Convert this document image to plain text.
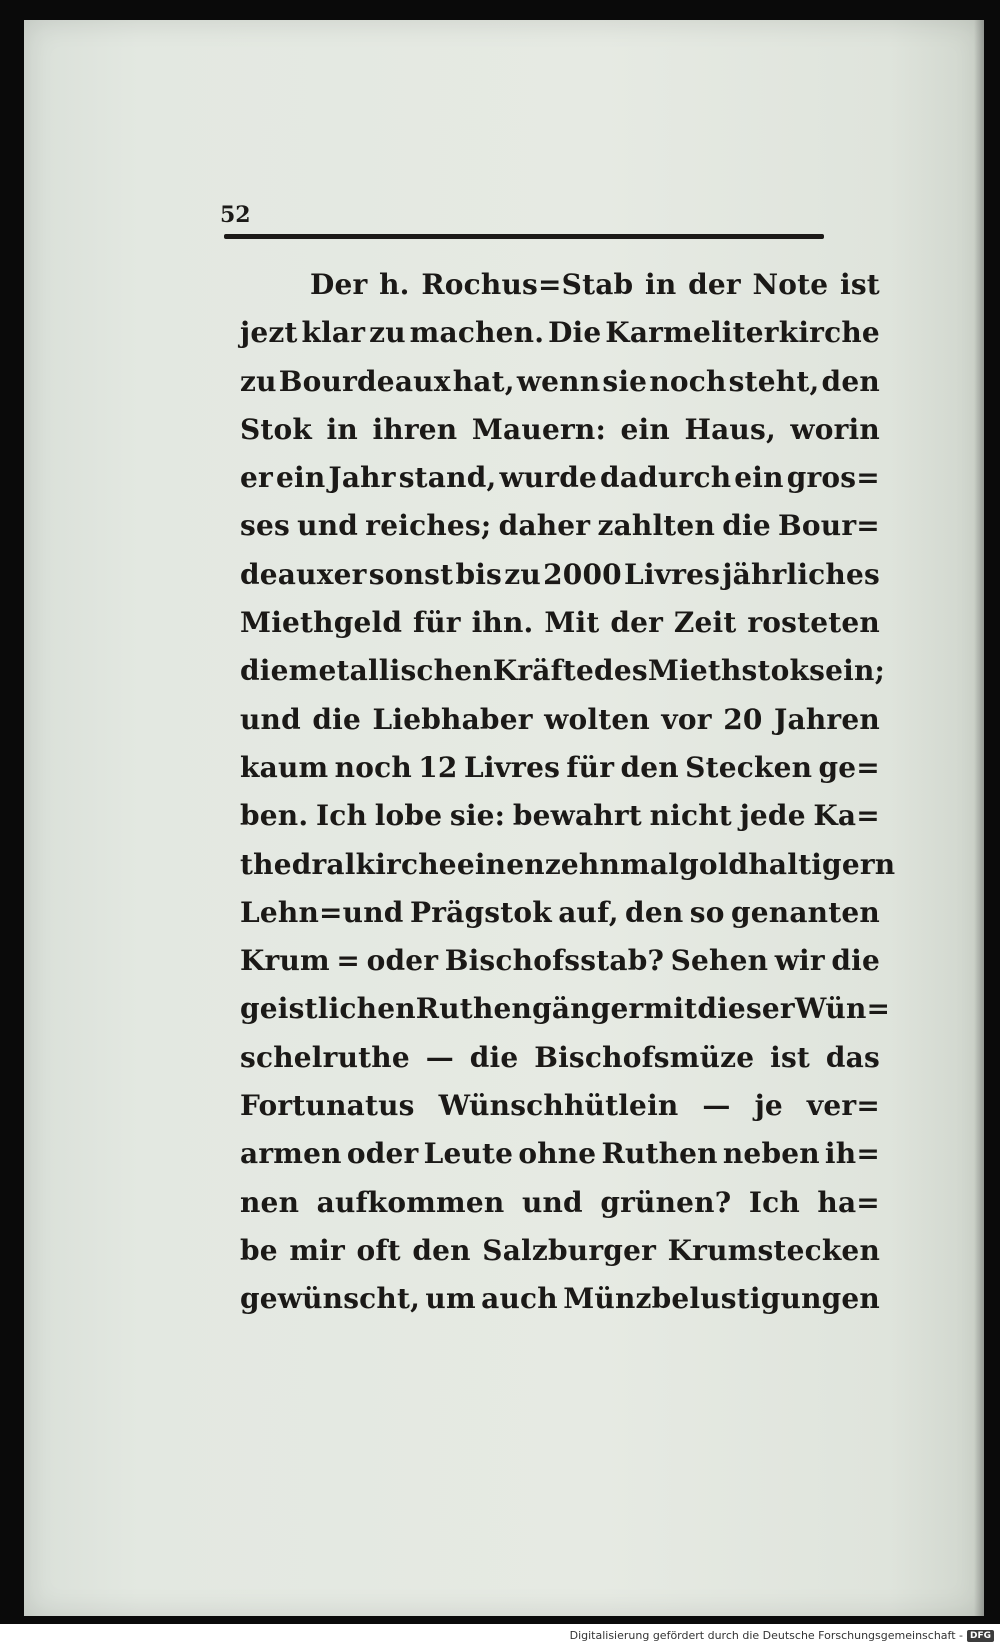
52
Der h. Rochus=Stab in der Note ist
jezt klar zu machen. Die Karmeliterkirche
zu Bourdeaux hat, wenn sie noch steht, den
Stok in ihren Mauern: ein Haus, worin
er ein Jahr stand, wurde dadurch ein gros=
ses und reiches; daher zahlten die Bour=
deauxer sonst bis zu 2000 Livres jährliches
Miethgeld für ihn. Mit der Zeit rosteten
die metallischen Kräfte des Miethstoks ein;
und die Liebhaber wolten vor 20 Jahren
kaum noch 12 Livres für den Stecken ge=
ben. Ich lobe sie: bewahrt nicht jede Ka=
thedralkirche einen zehnmal goldhaltigern
Lehn=und Prägstok auf, den so genanten
Krum = oder Bischofsstab? Sehen wir die
geistlichen Ruthengänger mit dieser Wün=
schelruthe — die Bischofsmüze ist das
Fortunatus Wünschhütlein — je ver=
armen oder Leute ohne Ruthen neben ih=
nen aufkommen und grünen? Ich ha=
be mir oft den Salzburger Krumstecken
gewünscht, um auch Münzbelustigungen
Digitalisierung gefördert durch die Deutsche Forschungsgemeinschaft - DFG
